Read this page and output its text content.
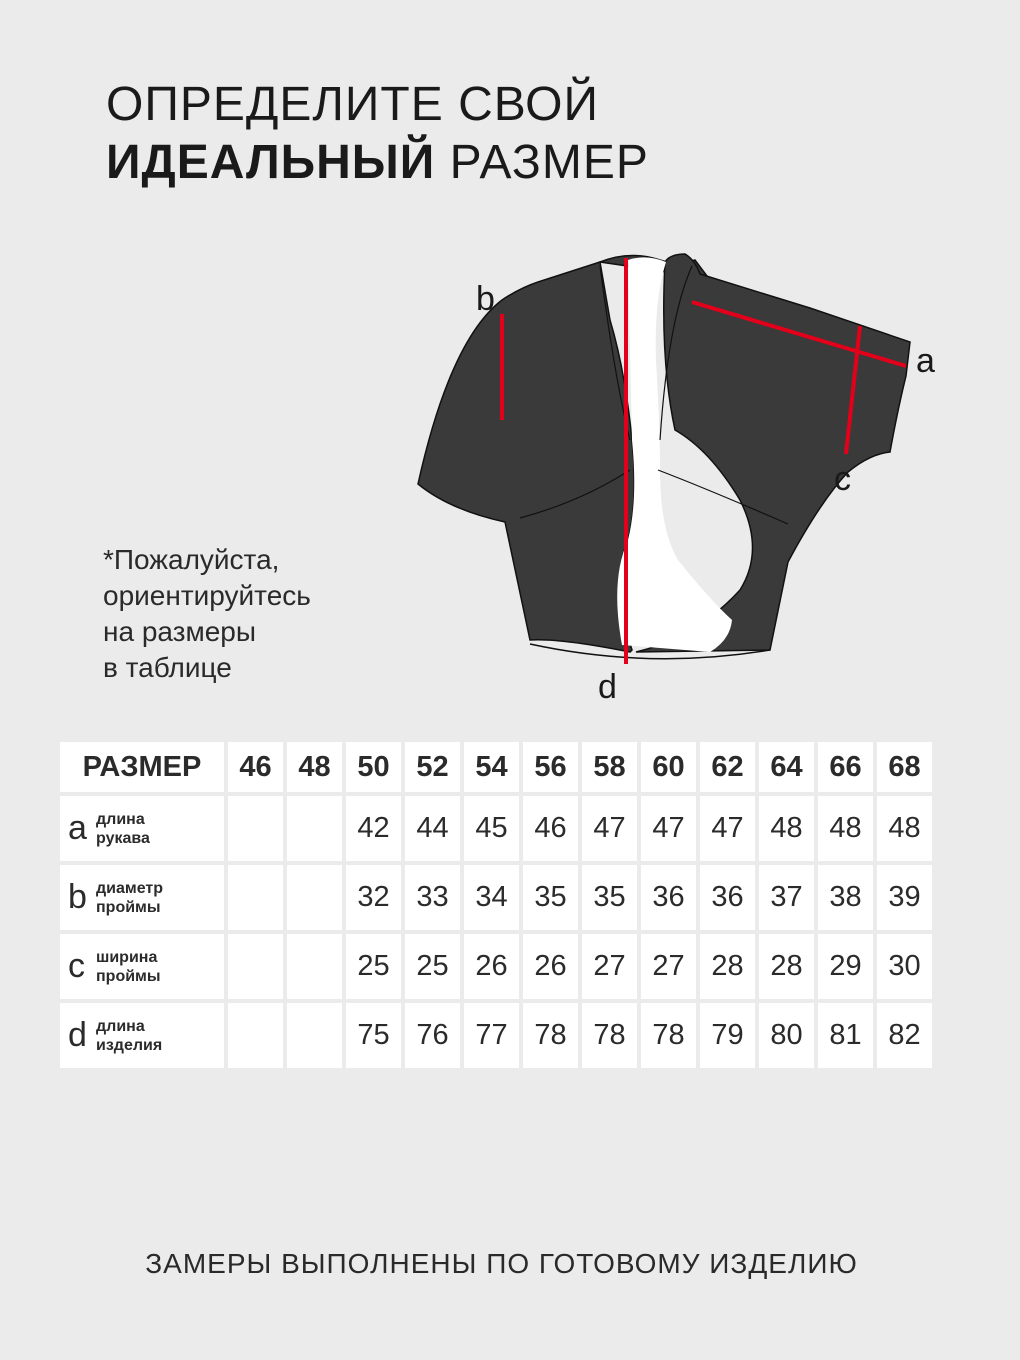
ОПРЕДЕЛИТЕ СВОЙ
ИДЕАЛЬНЫЙ РАЗМЕР
*Пожалуйста,
ориентируйтесь
на размеры
в таблице
b
a
c
d
РАЗМЕР	46	48	50	52	54	56	58	60	62	64	66	68

a длина
рукава			42	44	45	46	47	47	47	48	48	48

b диаметр
проймы			32	33	34	35	35	36	36	37	38	39

c ширина
проймы			25	25	26	26	27	27	28	28	29	30

d длина
изделия			75	76	77	78	78	78	79	80	81	82
ЗАМЕРЫ ВЫПОЛНЕНЫ ПО ГОТОВОМУ ИЗДЕЛИЮ
